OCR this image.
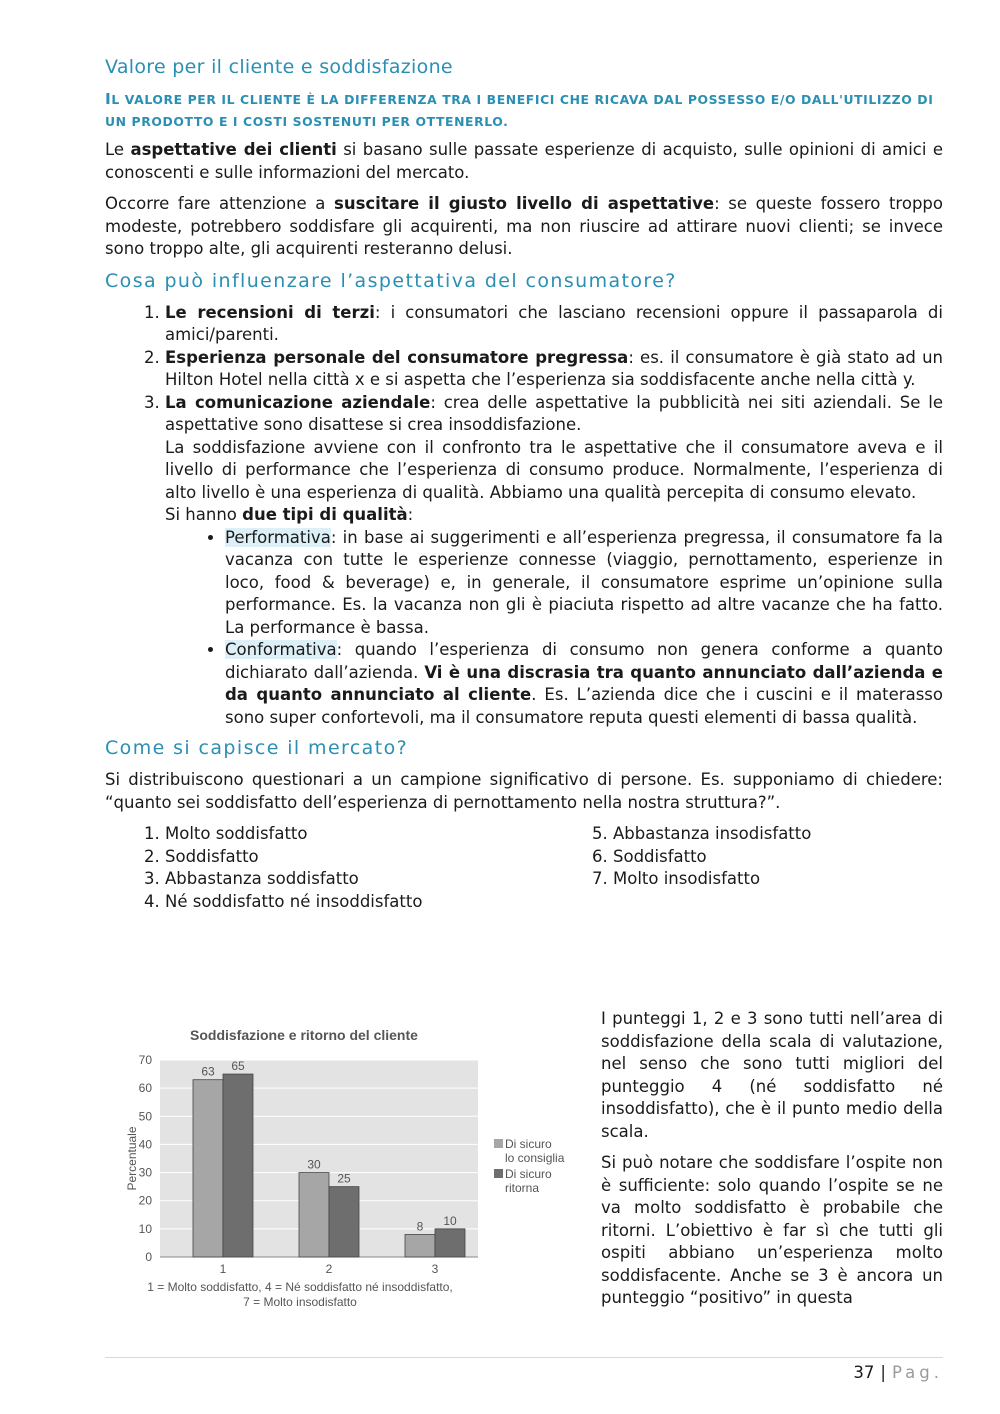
Valore per il cliente e soddisfazione
IL VALORE PER IL CLIENTE È LA DIFFERENZA TRA I BENEFICI CHE RICAVA DAL POSSESSO E/O DALL'UTILIZZO DI UN PRODOTTO E I COSTI SOSTENUTI PER OTTENERLO.

Le aspettative dei clienti si basano sulle passate esperienze di acquisto, sulle opinioni di amici e conoscenti e sulle informazioni del mercato.

Occorre fare attenzione a suscitare il giusto livello di aspettative: se queste fossero troppo modeste, potrebbero soddisfare gli acquirenti, ma non riuscire ad attirare nuovi clienti; se invece sono troppo alte, gli acquirenti resteranno delusi.

Cosa può influenzare l’aspettativa del consumatore?
1. Le recensioni di terzi: i consumatori che lasciano recensioni oppure il passaparola di amici/parenti.
2. Esperienza personale del consumatore pregressa: es. il consumatore è già stato ad un Hilton Hotel nella città x e si aspetta che l’esperienza sia soddisfacente anche nella città y.
3. La comunicazione aziendale: crea delle aspettative la pubblicità nei siti aziendali. Se le aspettative sono disattese si crea insoddisfazione.
La soddisfazione avviene con il confronto tra le aspettative che il consumatore aveva e il livello di performance che l’esperienza di consumo produce. Normalmente, l’esperienza di alto livello è una esperienza di qualità. Abbiamo una qualità percepita di consumo elevato.
Si hanno due tipi di qualità:
• Performativa: in base ai suggerimenti e all’esperienza pregressa, il consumatore fa la vacanza con tutte le esperienze connesse (viaggio, pernottamento, esperienze in loco, food & beverage) e, in generale, il consumatore esprime un’opinione sulla performance. Es. la vacanza non gli è piaciuta rispetto ad altre vacanze che ha fatto. La performance è bassa.
• Conformativa: quando l’esperienza di consumo non genera conforme a quanto dichiarato dall’azienda. Vi è una discrasia tra quanto annunciato dall’azienda e da quanto annunciato al cliente. Es. L’azienda dice che i cuscini e il materasso sono super confortevoli, ma il consumatore reputa questi elementi di bassa qualità.
Come si capisce il mercato?

Si distribuiscono questionari a un campione significativo di persone. Es. supponiamo di chiedere: “quanto sei soddisfatto dell’esperienza di pernottamento nella nostra struttura?”.

1. Molto soddisfatto
2. Soddisfatto
3. Abbastanza soddisfatto
4. Né soddisfatto né insoddisfatto
5. Abbastanza insodisfatto
6. Soddisfatto
7. Molto insodisfatto
Soddisfazione e ritorno del cliente
0
10
20
30
40
50
60
70
Percentuale
63 65
1
30
25
2
8 10
3
1 = Molto soddisfatto, 4 = Né soddisfatto né insoddisfatto,
7 = Molto insodisfatto
Di sicuro
lo consiglia
Di sicuro
ritorna

I punteggi 1, 2 e 3 sono tutti nell’area di soddisfazione della scala di valutazione, nel senso che sono tutti migliori del punteggio 4 (né soddisfatto né insoddisfatto), che è il punto medio della scala.

Si può notare che soddisfare l’ospite non è sufficiente: solo quando l’ospite se ne va molto soddisfatto è probabile che ritorni. L’obiettivo è far sì che tutti gli ospiti abbiano un’esperienza molto soddisfacente. Anche se 3 è ancora un punteggio “positivo” in questa

37 | Pag.
